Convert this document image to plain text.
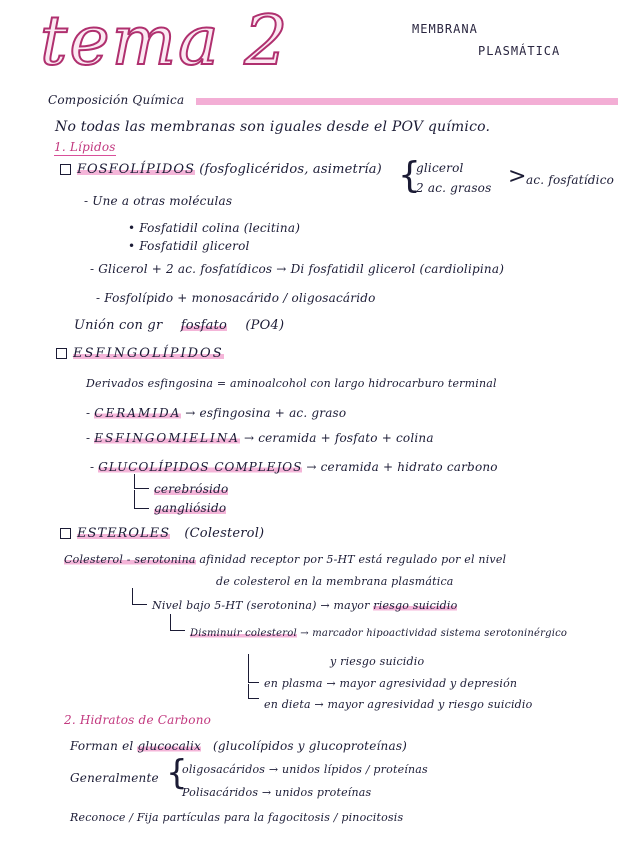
tema 2	MEMBRANA
PLASMÁTICA
Composición Química
No todas las membranas son iguales desde el POV químico.
1. Lípidos
FOSFOLÍPIDOS (fosfoglicéridos, asimetría) {
glicerol
2 ac. grasos > ac. fosfatídico
- Une a otras moléculas
• Fosfatidil colina (lecitina)
• Fosfatidil glicerol
- Glicerol + 2 ac. fosfatídicos → Di fosfatidil glicerol (cardiolipina)
- Fosfolípido + monosacárido / oligosacárido
Unión con gr fosfato (PO4)
ESFINGOLÍPIDOS
Derivados esfingosina = aminoalcohol con largo hidrocarburo terminal
- CERAMIDA → esfingosina + ac. graso
- ESFINGOMIELINA → ceramida + fosfato + colina
- GLUCOLÍPIDOS COMPLEJOS → ceramida + hidrato carbono
cerebrósido
gangliósido
ESTEROLES (Colesterol)
Colesterol - serotonina afinidad receptor por 5-HT está regulado por el nivel
de colesterol en la membrana plasmática
Nivel bajo 5-HT (serotonina) → mayor riesgo suicidio
Disminuir colesterol → marcador hipoactividad sistema serotoninérgico
y riesgo suicidio
en plasma → mayor agresividad y depresión
en dieta → mayor agresividad y riesgo suicidio
2. Hidratos de Carbono
Forman el glucocalix (glucolípidos y glucoproteínas)
Generalmente {
oligosacáridos → unidos lípidos / proteínas
Polisacáridos → unidos proteínas
Reconoce / Fija partículas para la fagocitosis / pinocitosis
